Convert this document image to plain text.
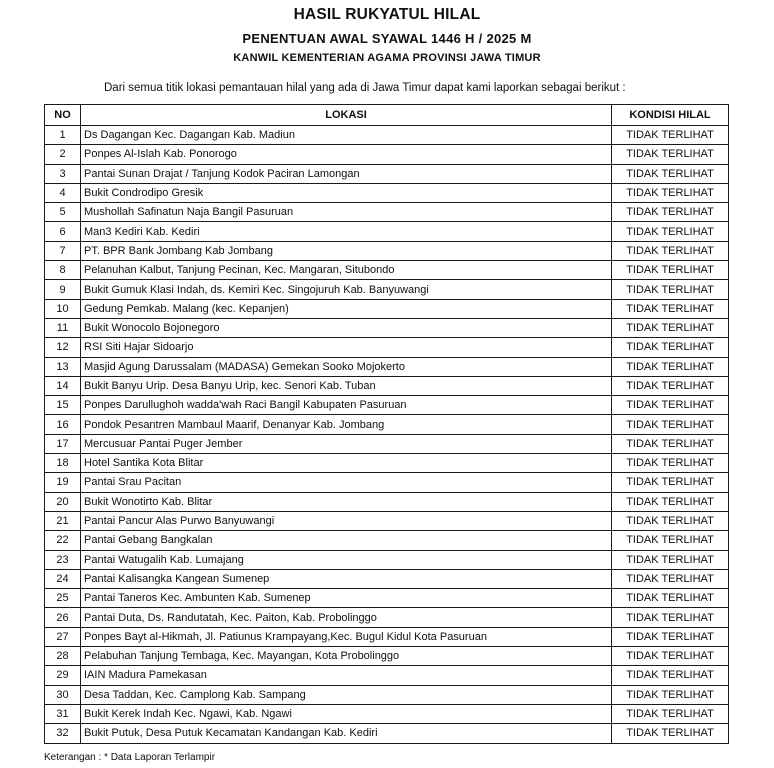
HASIL RUKYATUL HILAL
PENENTUAN AWAL SYAWAL 1446 H / 2025 M
KANWIL KEMENTERIAN AGAMA PROVINSI JAWA TIMUR
Dari semua titik lokasi pemantauan hilal yang ada di Jawa Timur dapat kami laporkan sebagai berikut :
NO	LOKASI	KONDISI HILAL
1	Ds Dagangan Kec. Dagangan Kab. Madiun	TIDAK TERLIHAT
2	Ponpes Al-Islah Kab. Ponorogo	TIDAK TERLIHAT
3	Pantai Sunan Drajat / Tanjung Kodok Paciran Lamongan	TIDAK TERLIHAT
4	Bukit Condrodipo Gresik	TIDAK TERLIHAT
5	Mushollah Safinatun Naja Bangil Pasuruan	TIDAK TERLIHAT
6	Man3 Kediri Kab. Kediri	TIDAK TERLIHAT
7	PT. BPR Bank Jombang Kab Jombang	TIDAK TERLIHAT
8	Pelanuhan Kalbut, Tanjung Pecinan, Kec. Mangaran, Situbondo	TIDAK TERLIHAT
9	Bukit Gumuk Klasi Indah, ds. Kemiri Kec. Singojuruh Kab. Banyuwangi	TIDAK TERLIHAT
10	Gedung Pemkab. Malang (kec. Kepanjen)	TIDAK TERLIHAT
11	Bukit Wonocolo Bojonegoro	TIDAK TERLIHAT
12	RSI Siti Hajar Sidoarjo	TIDAK TERLIHAT
13	Masjid Agung Darussalam (MADASA) Gemekan Sooko Mojokerto	TIDAK TERLIHAT
14	Bukit Banyu Urip. Desa Banyu Urip, kec. Senori Kab. Tuban	TIDAK TERLIHAT
15	Ponpes Darullughoh wadda'wah Raci Bangil Kabupaten Pasuruan	TIDAK TERLIHAT
16	Pondok Pesantren Mambaul Maarif, Denanyar Kab. Jombang	TIDAK TERLIHAT
17	Mercusuar Pantai Puger Jember	TIDAK TERLIHAT
18	Hotel Santika Kota Blitar	TIDAK TERLIHAT
19	Pantai Srau Pacitan	TIDAK TERLIHAT
20	Bukit Wonotirto Kab. Blitar	TIDAK TERLIHAT
21	Pantai Pancur Alas Purwo Banyuwangi	TIDAK TERLIHAT
22	Pantai Gebang Bangkalan	TIDAK TERLIHAT
23	Pantai Watugalih Kab. Lumajang	TIDAK TERLIHAT
24	Pantai Kalisangka Kangean Sumenep	TIDAK TERLIHAT
25	Pantai Taneros Kec. Ambunten Kab. Sumenep	TIDAK TERLIHAT
26	Pantai Duta, Ds. Randutatah, Kec. Paiton, Kab. Probolinggo	TIDAK TERLIHAT
27	Ponpes Bayt al-Hikmah, Jl. Patiunus Krampayang,Kec. Bugul Kidul Kota Pasuruan	TIDAK TERLIHAT
28	Pelabuhan Tanjung Tembaga, Kec. Mayangan, Kota Probolinggo	TIDAK TERLIHAT
29	IAIN Madura Pamekasan	TIDAK TERLIHAT
30	Desa Taddan, Kec. Camplong Kab. Sampang	TIDAK TERLIHAT
31	Bukit Kerek Indah Kec. Ngawi, Kab. Ngawi	TIDAK TERLIHAT
32	Bukit Putuk, Desa Putuk Kecamatan Kandangan Kab. Kediri	TIDAK TERLIHAT
Keterangan : * Data Laporan Terlampir
